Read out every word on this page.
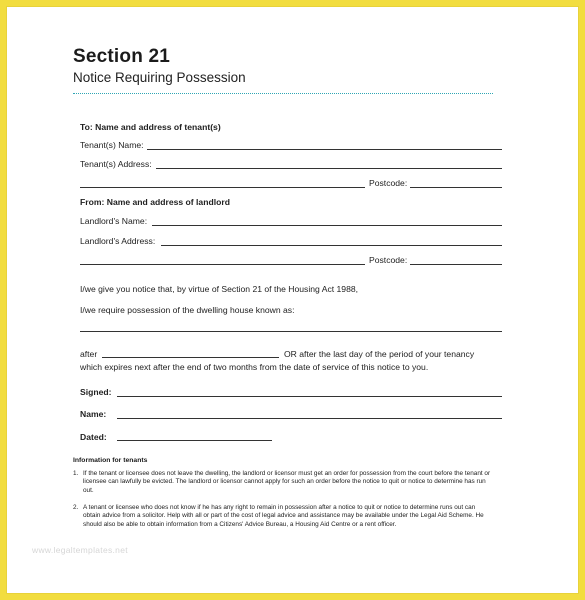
Section 21
Notice Requiring Possession
To: Name and address of tenant(s)
Tenant(s) Name:
Tenant(s) Address:
Postcode:
From: Name and address of landlord
Landlord's Name:
Landlord's Address:
Postcode:
I/we give you notice that, by virtue of Section 21 of the Housing Act 1988,
I/we require possession of the dwelling house known as:
after	OR after the last day of the period of your tenancy
which expires next after the end of two months from the date of service of this notice to you.
Signed:
Name:
Dated:
Information for tenants
1. If the tenant or licensee does not leave the dwelling, the landlord or licensor must get an order for possession from the court before the tenant or licensee can lawfully be evicted. The landlord or licensor cannot apply for such an order before the notice to quit or notice to determine has run out.
2. A tenant or licensee who does not know if he has any right to remain in possession after a notice to quit or notice to determine runs out can obtain advice from a solicitor. Help with all or part of the cost of legal advice and assistance may be available under the Legal Aid Scheme. He should also be able to obtain information from a Citizens' Advice Bureau, a Housing Aid Centre or a rent officer.
www.legaltemplates.net
